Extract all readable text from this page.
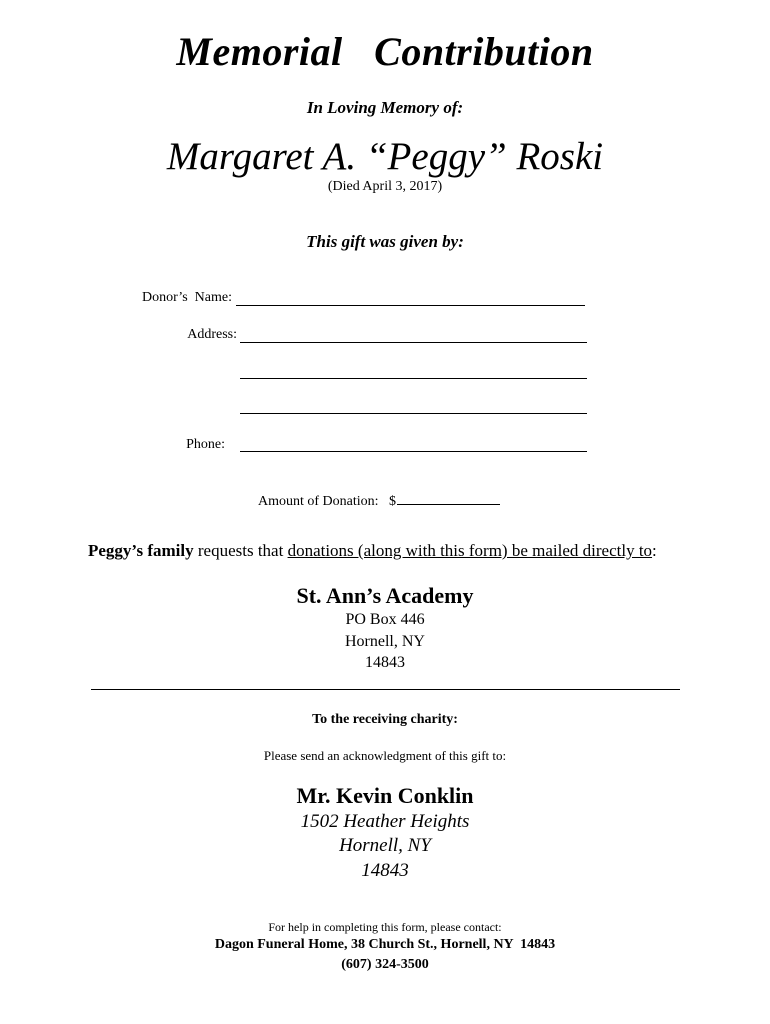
Memorial   Contribution
In Loving Memory of:
Margaret A. “Peggy” Roski
(Died April 3, 2017)
This gift was given by:
Donor’s  Name:
Address:
Phone:
Amount of Donation: $
Peggy’s family requests that donations (along with this form) be mailed directly to:
St. Ann’s Academy
PO Box 446
Hornell, NY
14843
To the receiving charity:
Please send an acknowledgment of this gift to:
Mr. Kevin Conklin
1502 Heather Heights
Hornell, NY
14843
For help in completing this form, please contact:
Dagon Funeral Home, 38 Church St., Hornell, NY  14843
(607) 324-3500
